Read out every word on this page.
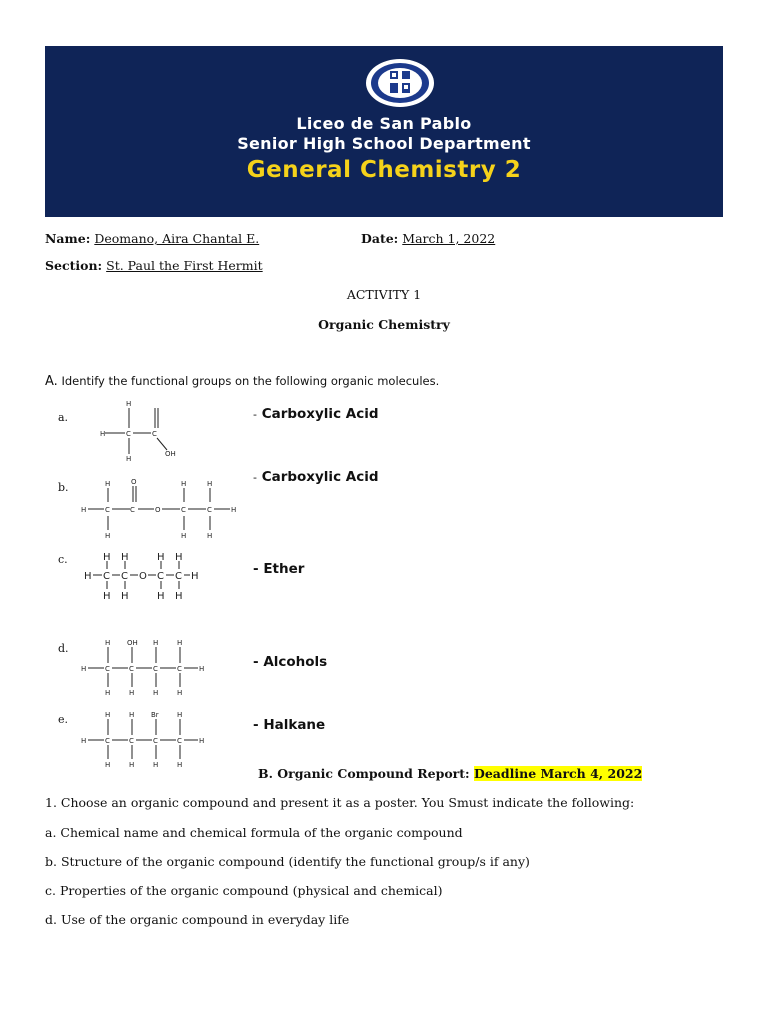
Liceo de San Pablo
Senior High School Department
General Chemistry 2
Name: Deomano, Aira Chantal E.	Date: March 1, 2022
Section: St. Paul the First Hermit
ACTIVITY 1
Organic Chemistry
A. Identify the functional groups on the following organic molecules.
a.
H	C
H
H
C
OH
- Carboxylic Acid
b.
H	C	C	O	C	C	H
H
H
O	H
H
H
H
- Carboxylic Acid
c.
H C C O C C H
H H	H H
H H	H H
- Ether
d.
H	C	C	C	C H
H OH H	H
H	H	H	H
- Alcohols
e.
H	C	C	C	C H
H	H Br	H
H	H	H	H
- Halkane
B. Organic Compound Report: Deadline March 4, 2022
1. Choose an organic compound and present it as a poster. You Smust indicate the following:
a. Chemical name and chemical formula of the organic compound
b. Structure of the organic compound (identify the functional group/s if any)
c. Properties of the organic compound (physical and chemical)
d. Use of the organic compound in everyday life
